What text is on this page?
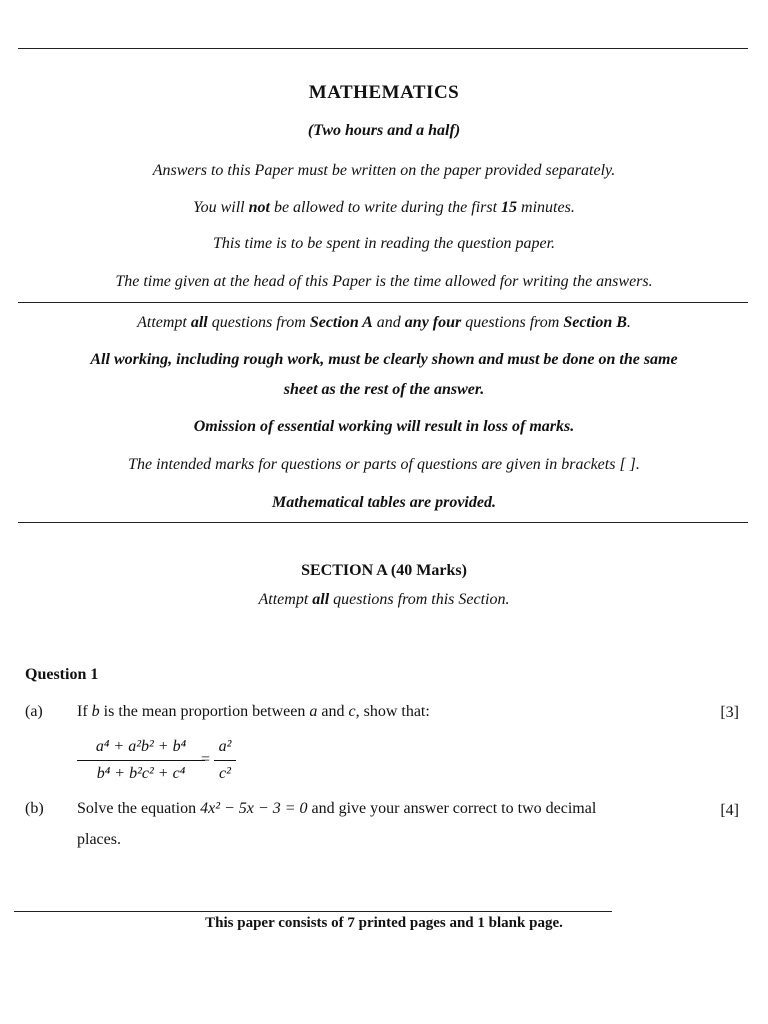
MATHEMATICS
(Two hours and a half)
Answers to this Paper must be written on the paper provided separately.
You will not be allowed to write during the first 15 minutes.
This time is to be spent in reading the question paper.
The time given at the head of this Paper is the time allowed for writing the answers.
Attempt all questions from Section A and any four questions from Section B.
All working, including rough work, must be clearly shown and must be done on the same
sheet as the rest of the answer.
Omission of essential working will result in loss of marks.
The intended marks for questions or parts of questions are given in brackets [ ].
Mathematical tables are provided.
SECTION A (40 Marks)
Attempt all questions from this Section.
Question 1
(a) If b is the mean proportion between a and c, show that:	[3]
a⁴ + a²b² + b⁴
b⁴ + b²c² + c⁴
=
a²
c²
(b) Solve the equation 4x² − 5x − 3 = 0 and give your answer correct to two decimal	[4]
places.
This paper consists of 7 printed pages and 1 blank page.
